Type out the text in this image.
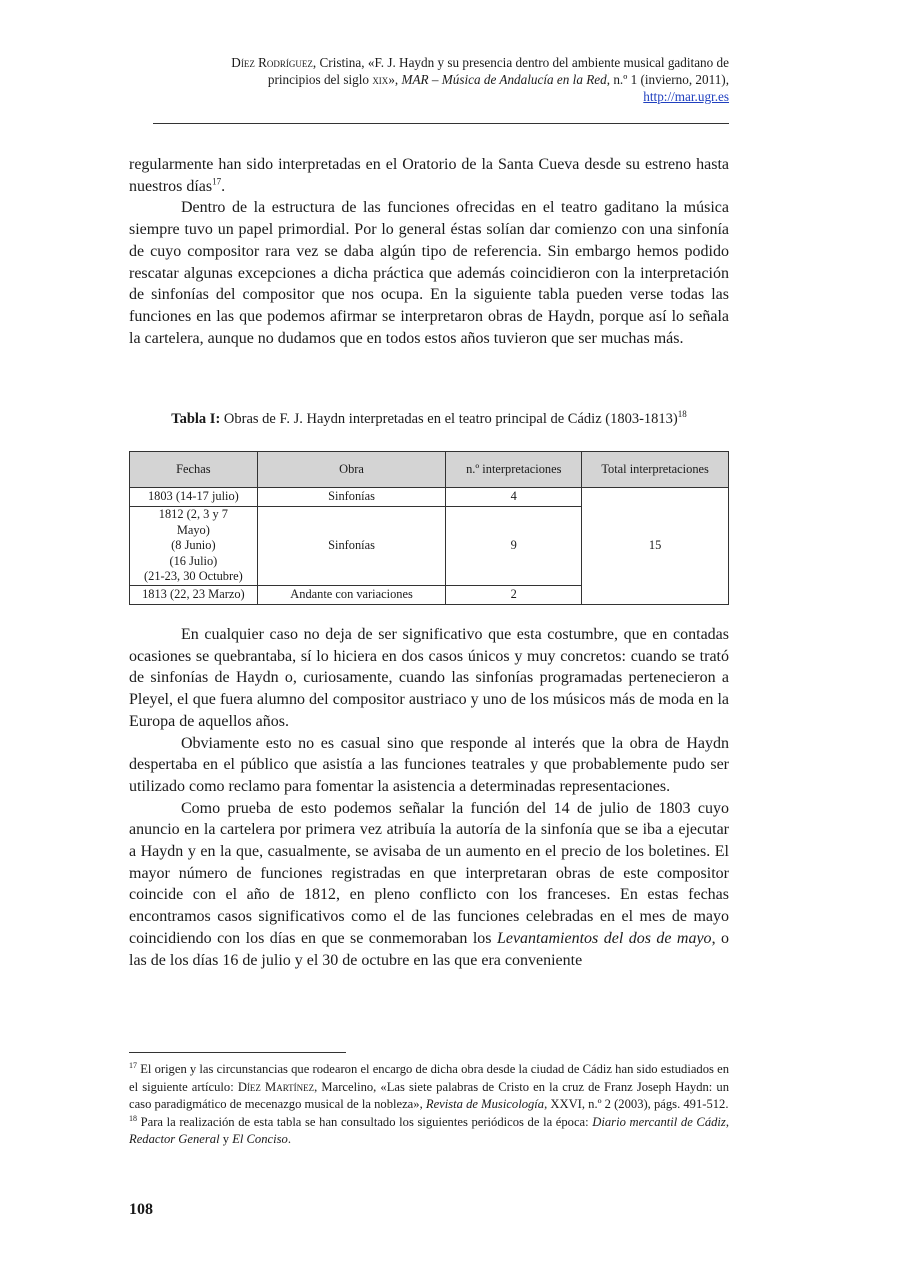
Díez Rodríguez, Cristina, «F. J. Haydn y su presencia dentro del ambiente musical gaditano de
principios del siglo xix», MAR – Música de Andalucía en la Red, n.º 1 (invierno, 2011),
http://mar.ugr.es

regularmente han sido interpretadas en el Oratorio de la Santa Cueva desde su estreno hasta nuestros días$^{17}$.

Dentro de la estructura de las funciones ofrecidas en el teatro gaditano la música siempre tuvo un papel primordial. Por lo general éstas solían dar comienzo con una sinfonía de cuyo compositor rara vez se daba algún tipo de referencia. Sin embargo hemos podido rescatar algunas excepciones a dicha práctica que además coincidieron con la interpretación de sinfonías del compositor que nos ocupa. En la siguiente tabla pueden verse todas las funciones en las que podemos afirmar se interpretaron obras de Haydn, porque así lo señala la cartelera, aunque no dudamos que en todos estos años tuvieron que ser muchas más.

Tabla I: Obras de F. J. Haydn interpretadas en el teatro principal de Cádiz (1803-1813)$^{18}$
Fechas	Obra	n.º interpretaciones	Total interpretaciones
1803 (14-17 julio)	Sinfonías	4	15

1812 (2, 3 y 7
Mayo)
(8 Junio)
(16 Julio)
(21-23, 30 Octubre)	Sinfonías	9	
1813 (22, 23 Marzo)	Andante con variaciones	2	

En cualquier caso no deja de ser significativo que esta costumbre, que en contadas ocasiones se quebrantaba, sí lo hiciera en dos casos únicos y muy concretos: cuando se trató de sinfonías de Haydn o, curiosamente, cuando las sinfonías programadas pertenecieron a Pleyel, el que fuera alumno del compositor austriaco y uno de los músicos más de moda en la Europa de aquellos años.

Obviamente esto no es casual sino que responde al interés que la obra de Haydn despertaba en el público que asistía a las funciones teatrales y que probablemente pudo ser utilizado como reclamo para fomentar la asistencia a determinadas representaciones.

Como prueba de esto podemos señalar la función del 14 de julio de 1803 cuyo anuncio en la cartelera por primera vez atribuía la autoría de la sinfonía que se iba a ejecutar a Haydn y en la que, casualmente, se avisaba de un aumento en el precio de los boletines. El mayor número de funciones registradas en que interpretaran obras de este compositor coincide con el año de 1812, en pleno conflicto con los franceses. En estas fechas encontramos casos significativos como el de las funciones celebradas en el mes de mayo coincidiendo con los días en que se conmemoraban los Levantamientos del dos de mayo, o las de los días 16 de julio y el 30 de octubre en las que era conveniente

$^{17}$ El origen y las circunstancias que rodearon el encargo de dicha obra desde la ciudad de Cádiz han sido estudiados en el siguiente artículo: Díez Martínez, Marcelino, «Las siete palabras de Cristo en la cruz de Franz Joseph Haydn: un caso paradigmático de mecenazgo musical de la nobleza», Revista de Musicología, XXVI, n.º 2 (2003), págs. 491-512.

$^{18}$ Para la realización de esta tabla se han consultado los siguientes periódicos de la época: Diario mercantil de Cádiz, Redactor General y El Conciso.

108
